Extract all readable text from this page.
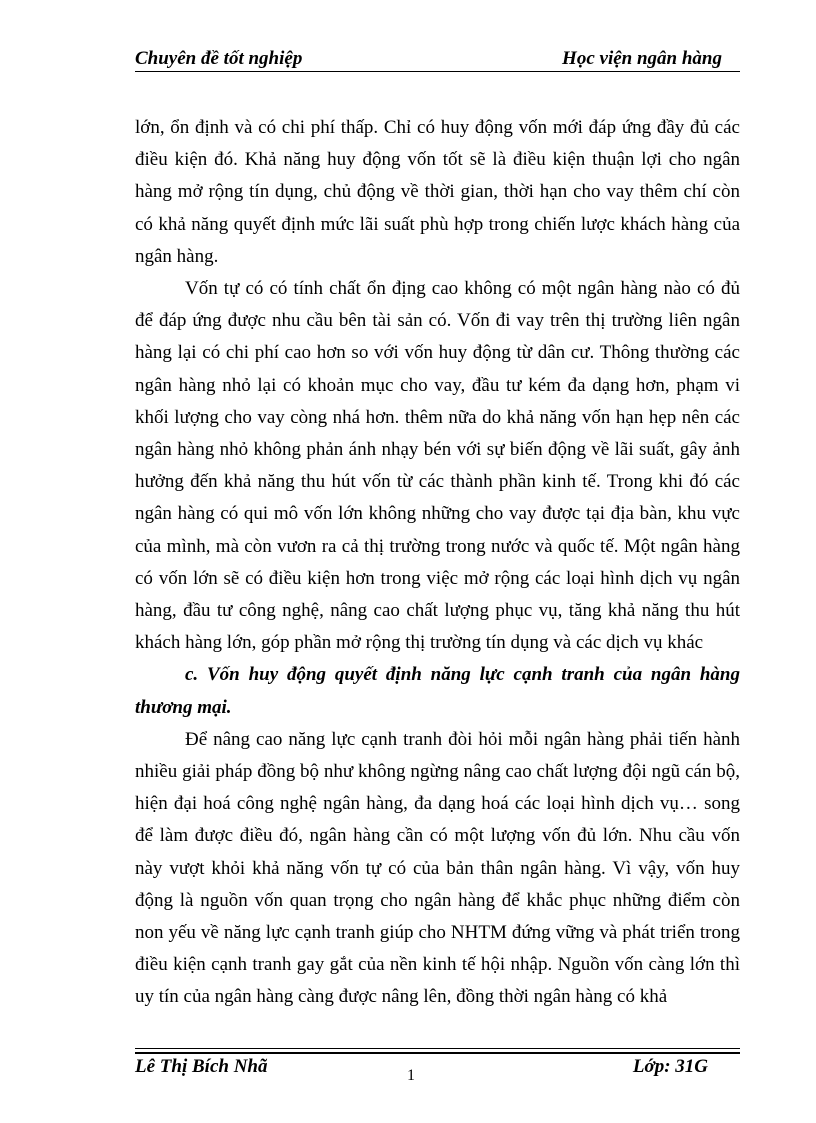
Chuyên đề tốt nghiệp	Học viện ngân hàng

lớn, ổn định và có chi phí thấp. Chỉ có huy động vốn mới đáp ứng đầy đủ các điều kiện đó. Khả năng huy động vốn tốt sẽ là điều kiện thuận lợi cho ngân hàng mở rộng tín dụng, chủ động về thời gian, thời hạn cho vay thêm chí còn có khả năng quyết định mức lãi suất phù hợp trong chiến lược khách hàng của ngân hàng.

Vốn tự có có tính chất ổn địng cao không có một ngân hàng nào có đủ để đáp ứng được nhu cầu bên tài sản có. Vốn đi vay trên thị trường liên ngân hàng lại có chi phí cao hơn so với vốn huy động từ dân cư. Thông thường các ngân hàng nhỏ lại có khoản mục cho vay, đầu tư kém đa dạng hơn, phạm vi khối lượng cho vay còng nhá hơn. thêm nữa do khả năng vốn hạn hẹp nên các ngân hàng nhỏ không phản ánh nhạy bén với sự biến động về lãi suất, gây ảnh hưởng đến khả năng thu hút vốn từ các thành phần kinh tế. Trong khi đó các ngân hàng có qui mô vốn lớn không những cho vay được tại địa bàn, khu vực của mình, mà còn vươn ra cả thị trường trong nước và quốc tế. Một ngân hàng có vốn lớn sẽ có điều kiện hơn trong việc mở rộng các loại hình dịch vụ ngân hàng, đầu tư công nghệ, nâng cao chất lượng phục vụ, tăng khả năng thu hút khách hàng lớn, góp phần mở rộng thị trường tín dụng và các dịch vụ khác

c. Vốn huy động quyết định năng lực cạnh tranh của ngân hàng thương mại.

Để nâng cao năng lực cạnh tranh đòi hỏi mỗi ngân hàng phải tiến hành nhiều giải pháp đồng bộ như không ngừng nâng cao chất lượng đội ngũ cán bộ, hiện đại hoá công nghệ ngân hàng, đa dạng hoá các loại hình dịch vụ… song để làm được điều đó, ngân hàng cần có một lượng vốn đủ lớn. Nhu cầu vốn này vượt khỏi khả năng vốn tự có của bản thân ngân hàng. Vì vậy, vốn huy động là nguồn vốn quan trọng cho ngân hàng để khắc phục những điểm còn non yếu về năng lực cạnh tranh giúp cho NHTM đứng vững và phát triển trong điều kiện cạnh tranh gay gắt của nền kinh tế hội nhập. Nguồn vốn càng lớn thì uy tín của ngân hàng càng được nâng lên, đồng thời ngân hàng có khả

Lê Thị Bích Nhã	1	Lớp: 31G
